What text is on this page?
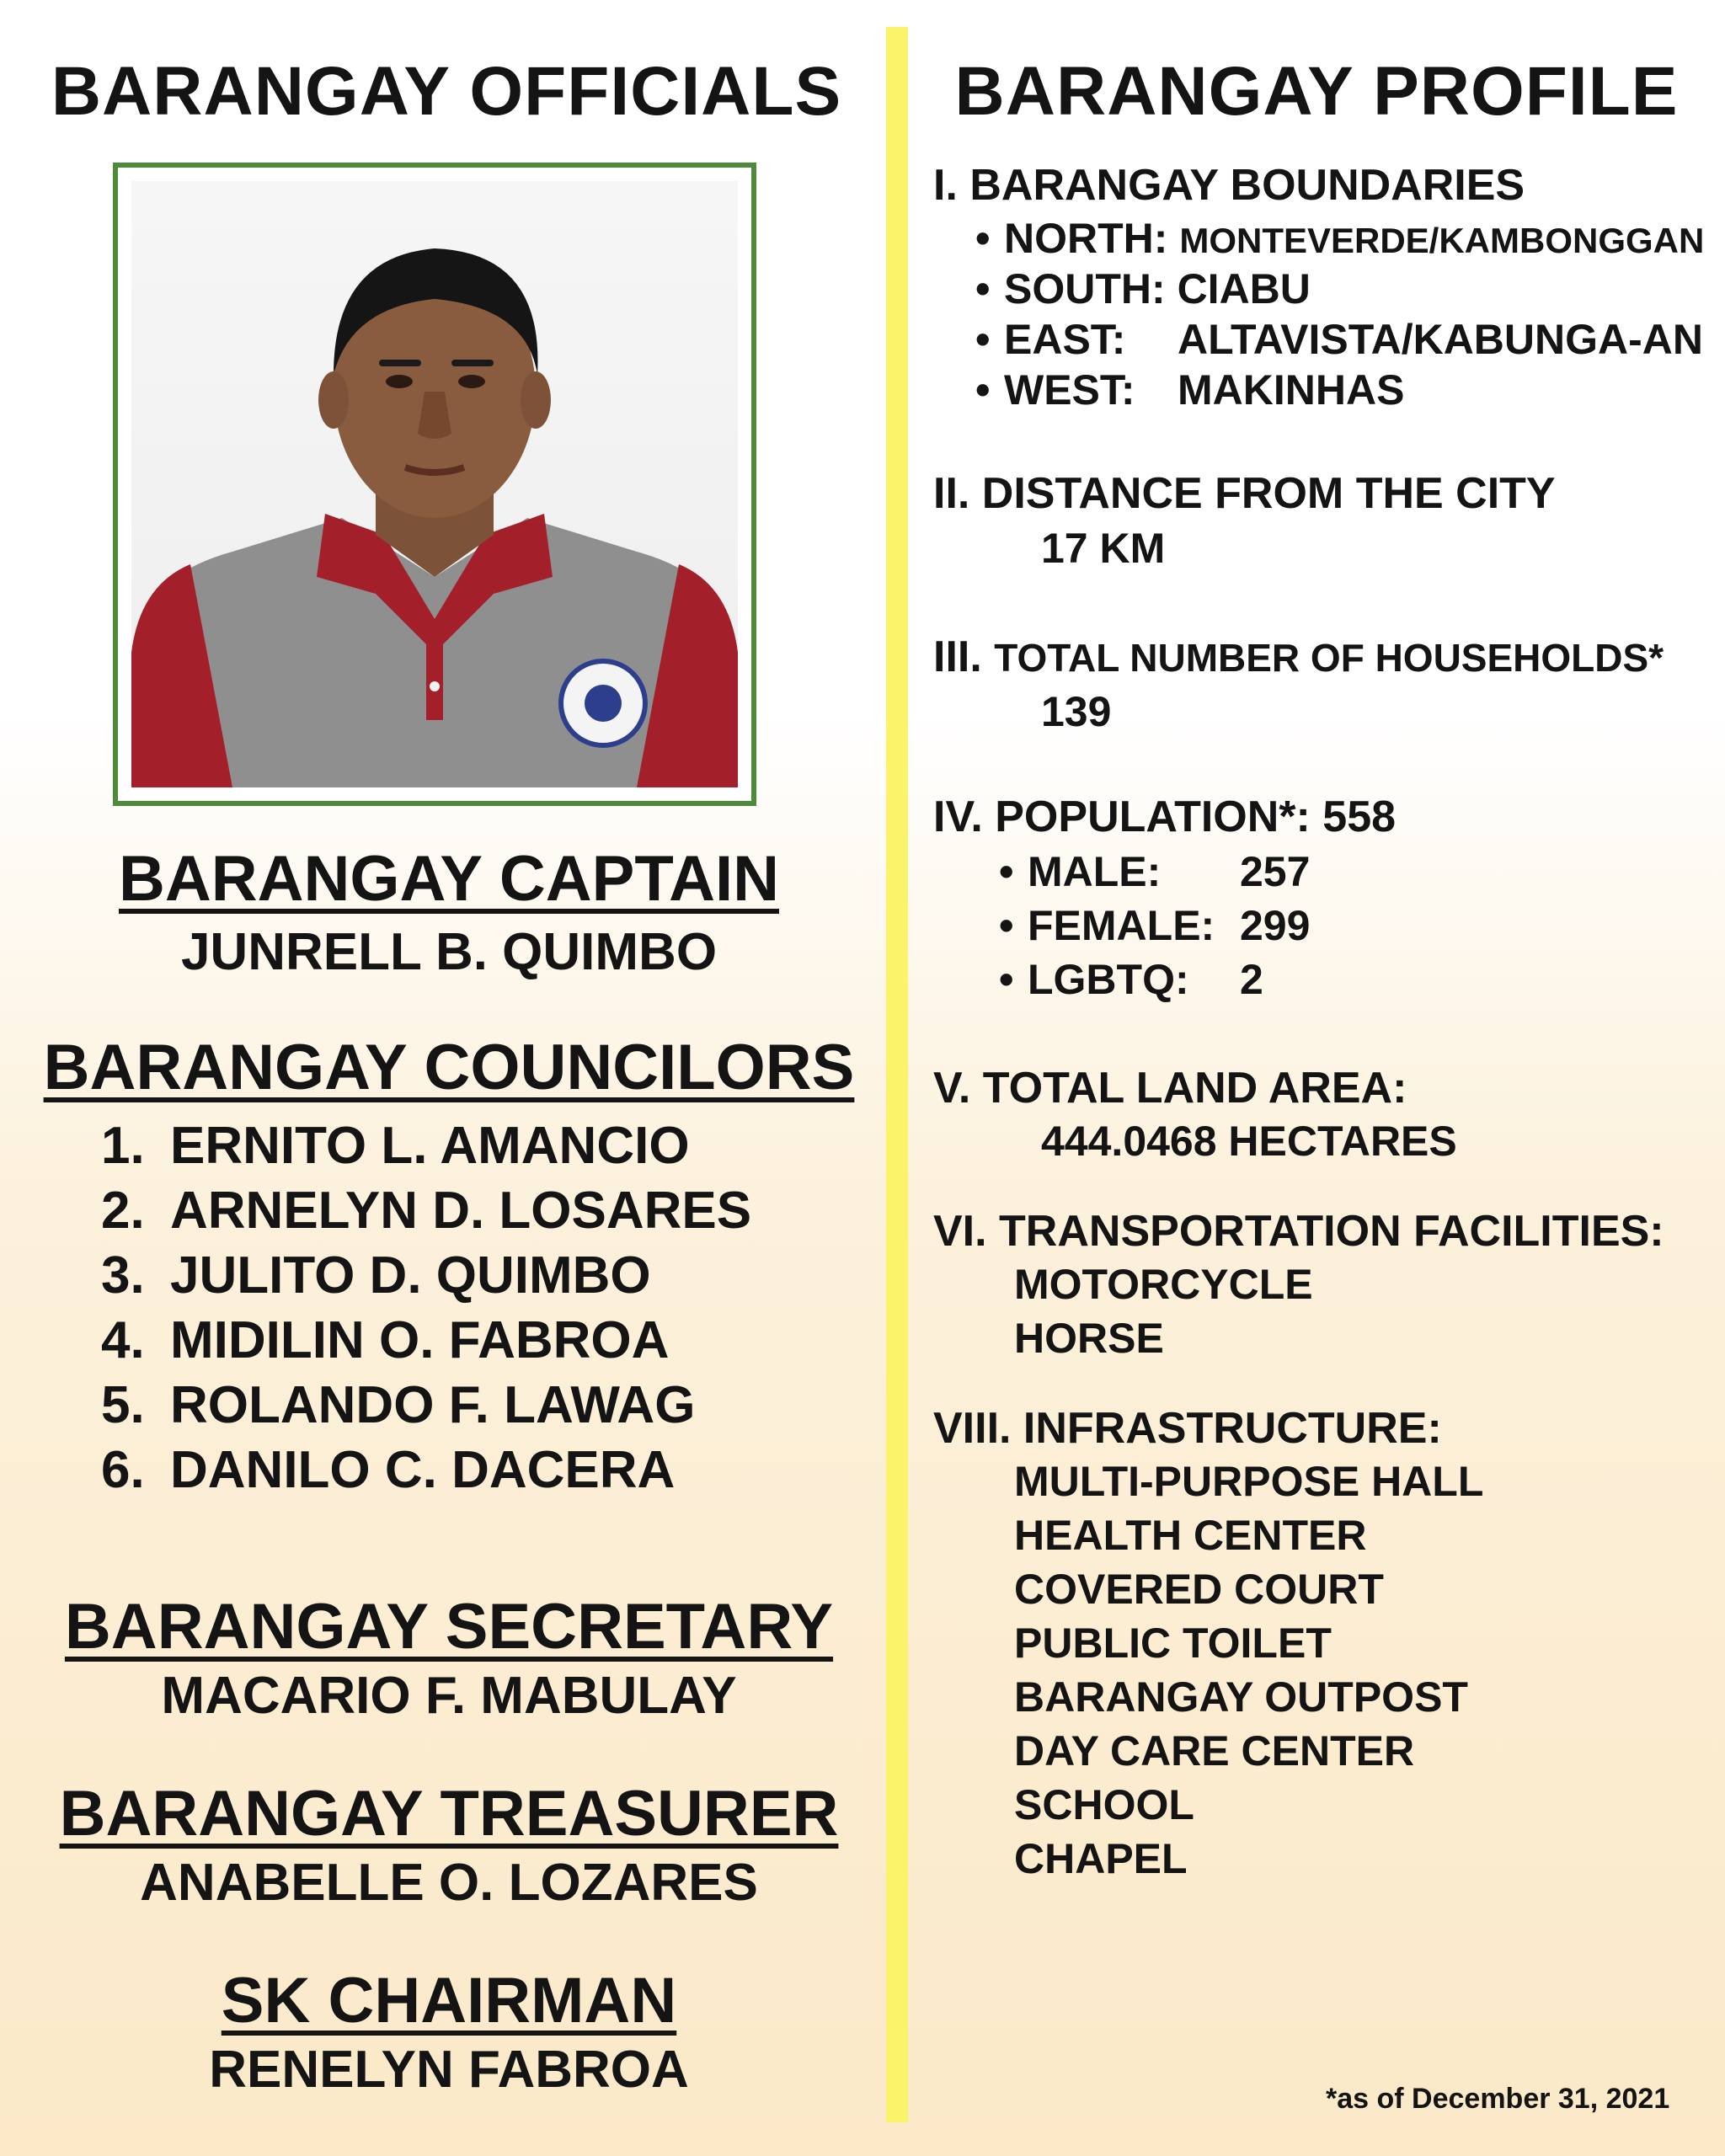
BARANGAY OFFICIALS
BARANGAY CAPTAIN

JUNRELL B. QUIMBO

BARANGAY COUNCILORS
1. ERNITO L. AMANCIO
2. ARNELYN D. LOSARES
3. JULITO D. QUIMBO
4. MIDILIN O. FABROA
5. ROLANDO F. LAWAG
6. DANILO C. DACERA
BARANGAY SECRETARY

MACARIO F. MABULAY

BARANGAY TREASURER

ANABELLE O. LOZARES

SK CHAIRMAN

RENELYN FABROA

BARANGAY PROFILE

I. BARANGAY BOUNDARIES

• NORTH: MONTEVERDE/KAMBONGGAN

• SOUTH: CIABU

• EAST: ALTAVISTA/KABUNGA-AN

• WEST: MAKINHAS

II. DISTANCE FROM THE CITY

17 KM

III. TOTAL NUMBER OF HOUSEHOLDS*

139

IV. POPULATION*: 558

• MALE: 257

• FEMALE: 299

• LGBTQ: 2

V. TOTAL LAND AREA:

444.0468 HECTARES

VI. TRANSPORTATION FACILITIES:

MOTORCYCLE

HORSE

VIII. INFRASTRUCTURE:

MULTI-PURPOSE HALL

HEALTH CENTER

COVERED COURT

PUBLIC TOILET

BARANGAY OUTPOST

DAY CARE CENTER

SCHOOL

CHAPEL

*as of December 31, 2021
